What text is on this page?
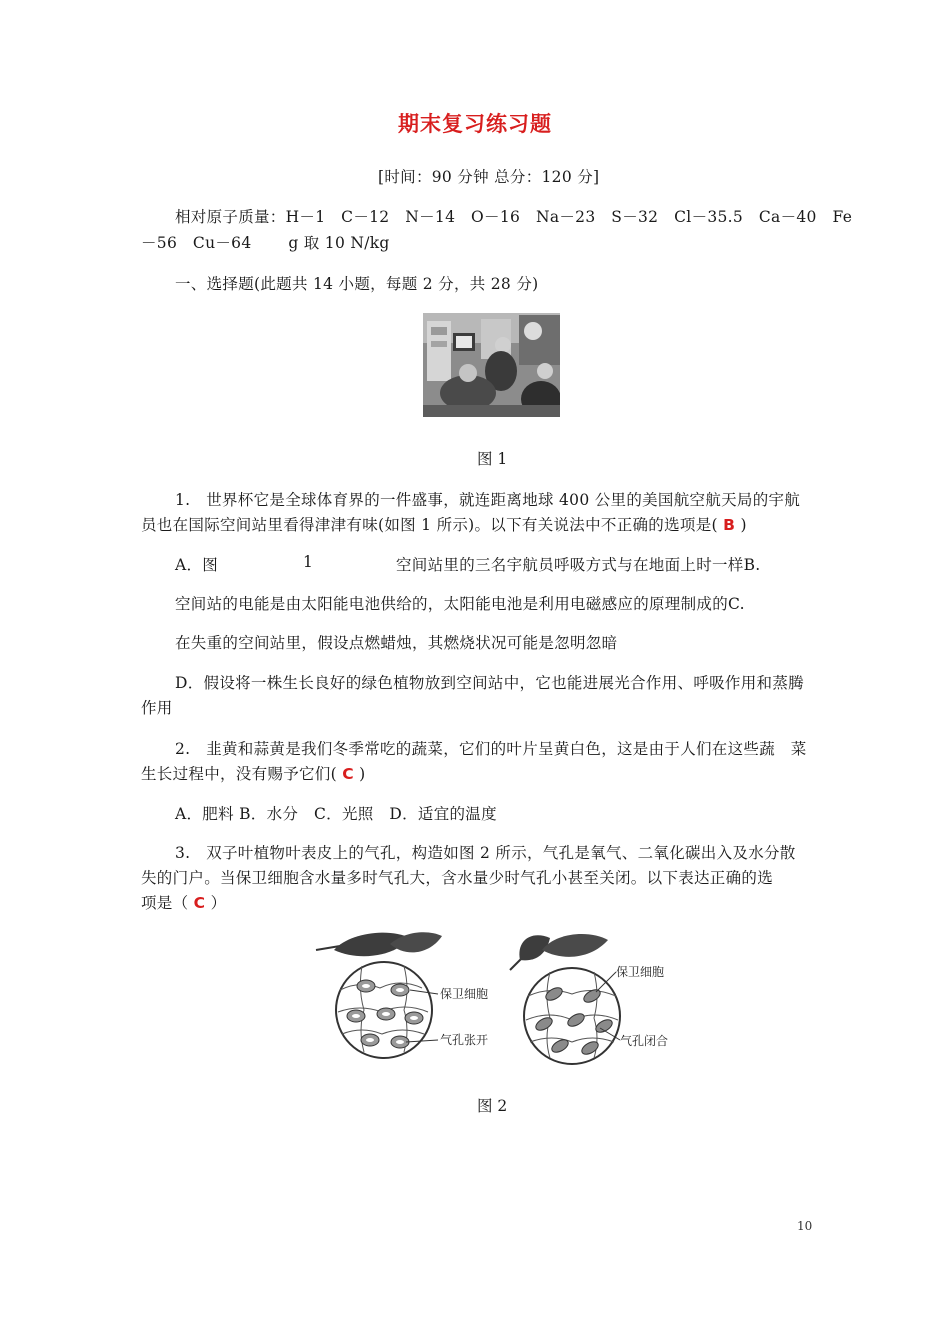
期末复习练习题
[时间：90 分钟 总分：120 分]
相对原子质量：H－1　C－12　N－14　O－16　Na－23　S－32　Cl－35.5　Ca－40　Fe
－56　Cu－64　　 g 取 10 N/kg
一、选择题(此题共 14 小题，每题 2 分，共 28 分)
图 1
1.　世界杯它是全球体育界的一件盛事，就连距离地球 400 公里的美国航空航天局的宇航
员也在国际空间站里看得津津有味(如图 1 所示)。以下有关说法中不正确的选项是( B )
A．图	1	空间站里的三名宇航员呼吸方式与在地面上时一样B.
空间站的电能是由太阳能电池供给的，太阳能电池是利用电磁感应的原理制成的C.
在失重的空间站里，假设点燃蜡烛，其燃烧状况可能是忽明忽暗
D．假设将一株生长良好的绿色植物放到空间站中，它也能进展光合作用、呼吸作用和蒸腾
作用
2.　韭黄和蒜黄是我们冬季常吃的蔬菜，它们的叶片呈黄白色，这是由于人们在这些蔬　菜
生长过程中，没有赐予它们( C )
A．肥料 B．水分　C．光照　D．适宜的温度
3.　双子叶植物叶表皮上的气孔，构造如图 2 所示，气孔是氧气、二氧化碳出入及水分散
失的门户。当保卫细胞含水量多时气孔大，含水量少时气孔小甚至关闭。以下表达正确的选
项是（ C ）
保卫细胞
气孔张开
保卫细胞
气孔闭合
图 2
10
